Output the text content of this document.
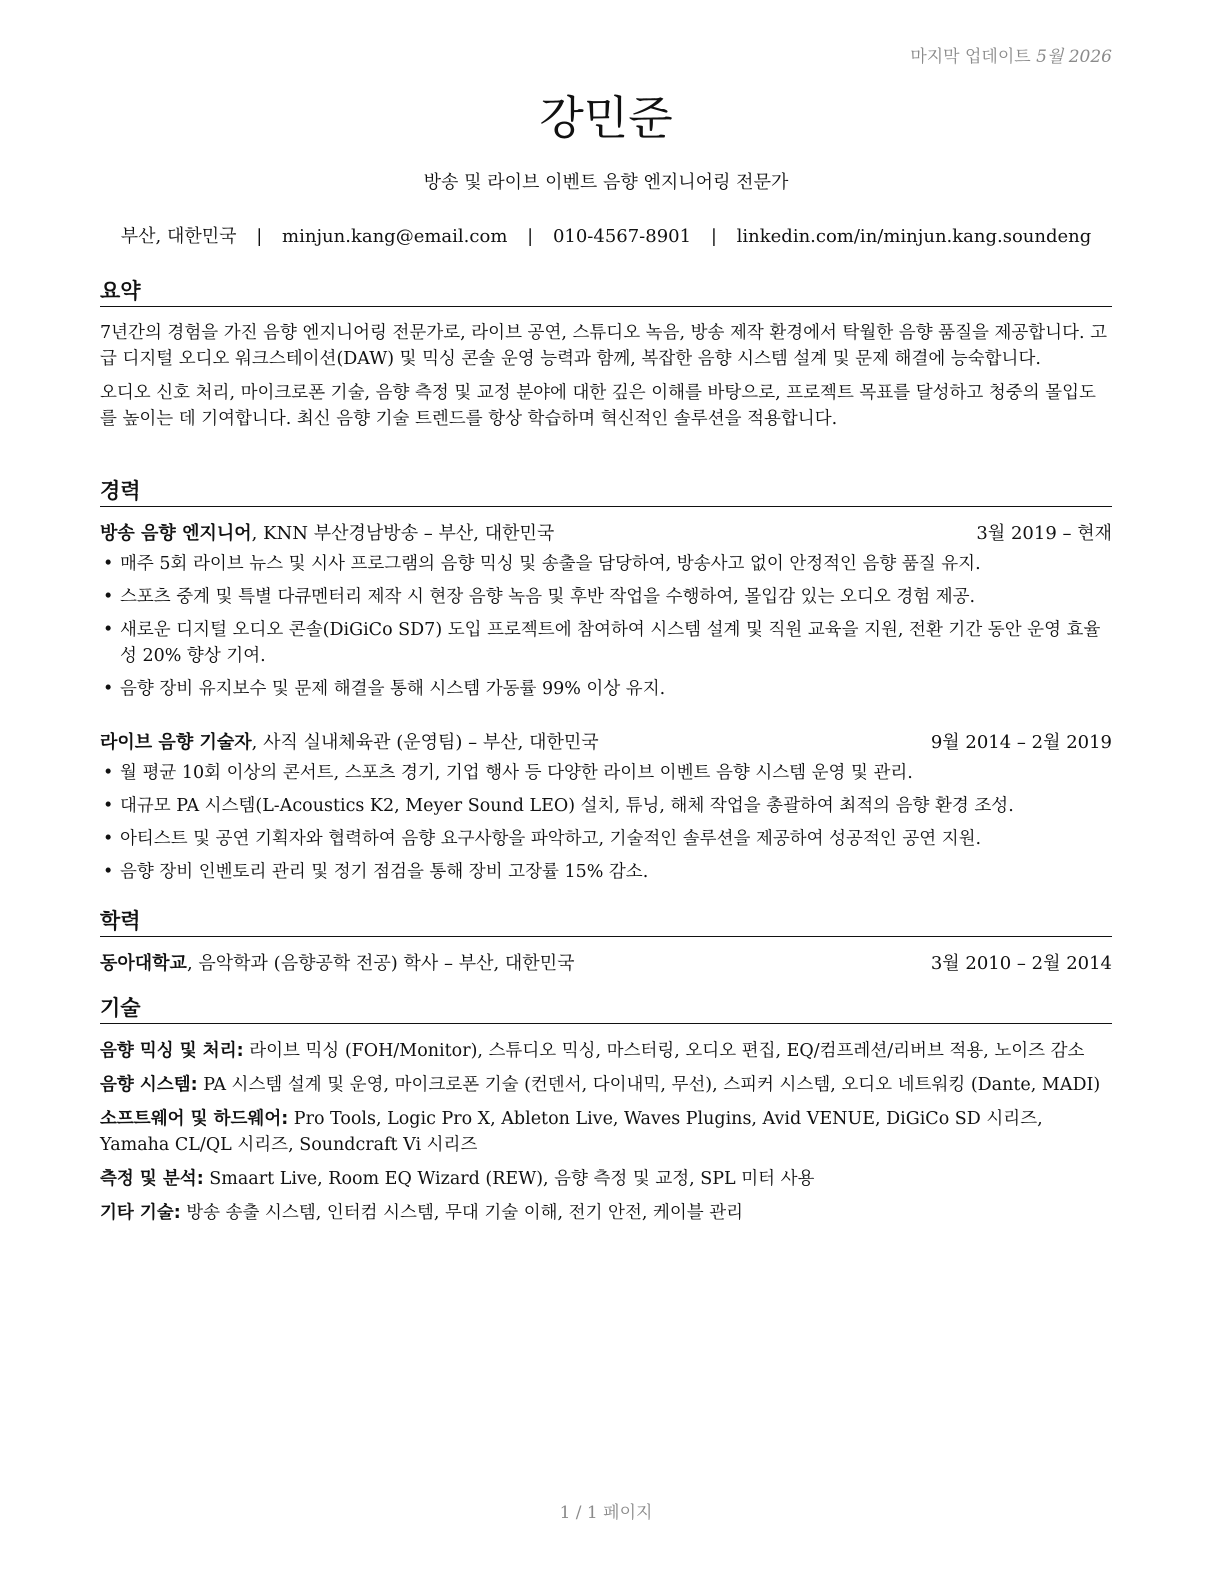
마지막 업데이트 5월 2026
강민준
방송 및 라이브 이벤트 음향 엔지니어링 전문가
부산, 대한민국 | minjun.kang@email.com | 010-4567-8901 | linkedin.com/in/minjun.kang.soundeng
요약

7년간의 경험을 가진 음향 엔지니어링 전문가로, 라이브 공연, 스튜디오 녹음, 방송 제작 환경에서 탁월한 음향 품질을 제공합니다. 고급 디지털 오디오 워크스테이션(DAW) 및 믹싱 콘솔 운영 능력과 함께, 복잡한 음향 시스템 설계 및 문제 해결에 능숙합니다.

오디오 신호 처리, 마이크로폰 기술, 음향 측정 및 교정 분야에 대한 깊은 이해를 바탕으로, 프로젝트 목표를 달성하고 청중의 몰입도를 높이는 데 기여합니다. 최신 음향 기술 트렌드를 항상 학습하며 혁신적인 솔루션을 적용합니다.

경력
방송 음향 엔지니어, KNN 부산경남방송 – 부산, 대한민국	3월 2019 – 현재
• 매주 5회 라이브 뉴스 및 시사 프로그램의 음향 믹싱 및 송출을 담당하여, 방송사고 없이 안정적인 음향 품질 유지.
• 스포츠 중계 및 특별 다큐멘터리 제작 시 현장 음향 녹음 및 후반 작업을 수행하여, 몰입감 있는 오디오 경험 제공.
• 새로운 디지털 오디오 콘솔(DiGiCo SD7) 도입 프로젝트에 참여하여 시스템 설계 및 직원 교육을 지원, 전환 기간 동안 운영 효율성 20% 향상 기여.
• 음향 장비 유지보수 및 문제 해결을 통해 시스템 가동률 99% 이상 유지.
라이브 음향 기술자, 사직 실내체육관 (운영팀) – 부산, 대한민국	9월 2014 – 2월 2019
• 월 평균 10회 이상의 콘서트, 스포츠 경기, 기업 행사 등 다양한 라이브 이벤트 음향 시스템 운영 및 관리.
• 대규모 PA 시스템(L-Acoustics K2, Meyer Sound LEO) 설치, 튜닝, 해체 작업을 총괄하여 최적의 음향 환경 조성.
• 아티스트 및 공연 기획자와 협력하여 음향 요구사항을 파악하고, 기술적인 솔루션을 제공하여 성공적인 공연 지원.
• 음향 장비 인벤토리 관리 및 정기 점검을 통해 장비 고장률 15% 감소.
학력
동아대학교, 음악학과 (음향공학 전공) 학사 – 부산, 대한민국	3월 2010 – 2월 2014
기술

음향 믹싱 및 처리: 라이브 믹싱 (FOH/Monitor), 스튜디오 믹싱, 마스터링, 오디오 편집, EQ/컴프레션/리버브 적용, 노이즈 감소

음향 시스템: PA 시스템 설계 및 운영, 마이크로폰 기술 (컨덴서, 다이내믹, 무선), 스피커 시스템, 오디오 네트워킹 (Dante, MADI)

소프트웨어 및 하드웨어: Pro Tools, Logic Pro X, Ableton Live, Waves Plugins, Avid VENUE, DiGiCo SD 시리즈, Yamaha CL/QL 시리즈, Soundcraft Vi 시리즈

측정 및 분석: Smaart Live, Room EQ Wizard (REW), 음향 측정 및 교정, SPL 미터 사용

기타 기술: 방송 송출 시스템, 인터컴 시스템, 무대 기술 이해, 전기 안전, 케이블 관리

1 / 1 페이지
